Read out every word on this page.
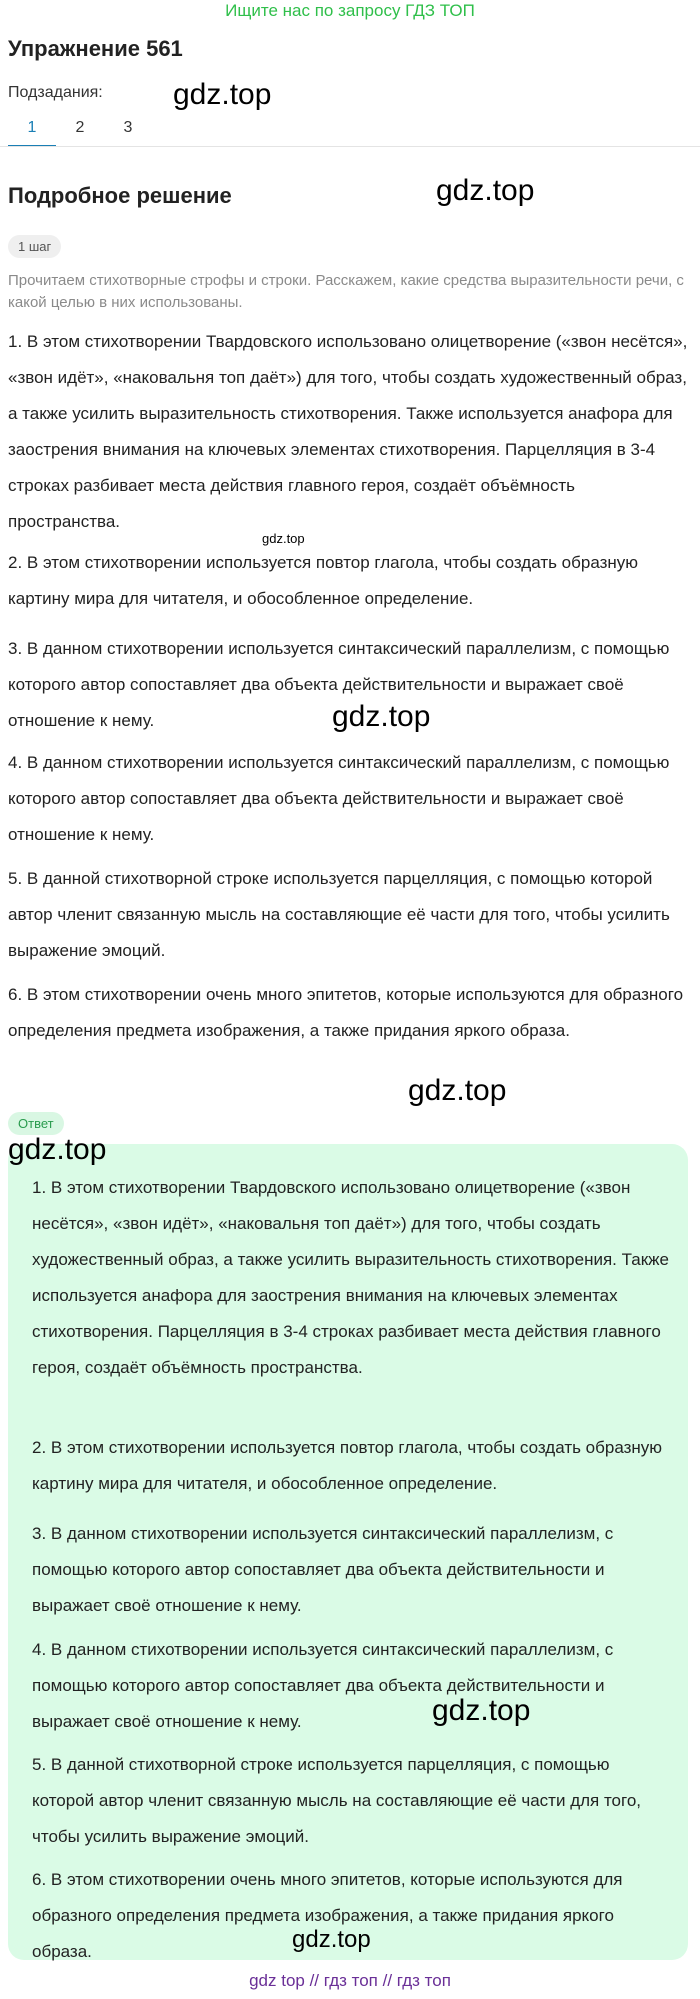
Ищите нас по запросу ГДЗ ТОП
Упражнение 561
Подзадания:
1	2	3
Подробное решение
1 шаг
Прочитаем стихотворные строфы и строки. Расскажем, какие средства выразительности речи, с какой целью в них использованы.

1. В этом стихотворении Твардовского использовано олицетворение («звон несётся», «звон идёт», «наковальня топ даёт») для того, чтобы создать художественный образ, а также усилить выразительность стихотворения. Также используется анафора для заострения внимания на ключевых элементах стихотворения. Парцелляция в 3-4 строках разбивает места действия главного героя, создаёт объёмность пространства.

2. В этом стихотворении используется повтор глагола, чтобы создать образную картину мира для читателя, и обособленное определение.

3. В данном стихотворении используется синтаксический параллелизм, с помощью которого автор сопоставляет два объекта действительности и выражает своё отношение к нему.

4. В данном стихотворении используется синтаксический параллелизм, с помощью которого автор сопоставляет два объекта действительности и выражает своё отношение к нему.

5. В данной стихотворной строке используется парцелляция, с помощью которой автор членит связанную мысль на составляющие её части для того, чтобы усилить выражение эмоций.

6. В этом стихотворении очень много эпитетов, которые используются для образного определения предмета изображения, а также придания яркого образа.

Ответ

1. В этом стихотворении Твардовского использовано олицетворение («звон несётся», «звон идёт», «наковальня топ даёт») для того, чтобы создать художественный образ, а также усилить выразительность стихотворения. Также используется анафора для заострения внимания на ключевых элементах стихотворения. Парцелляция в 3-4 строках разбивает места действия главного героя, создаёт объёмность пространства.

2. В этом стихотворении используется повтор глагола, чтобы создать образную картину мира для читателя, и обособленное определение.

3. В данном стихотворении используется синтаксический параллелизм, с помощью которого автор сопоставляет два объекта действительности и выражает своё отношение к нему.

4. В данном стихотворении используется синтаксический параллелизм, с помощью которого автор сопоставляет два объекта действительности и выражает своё отношение к нему.

5. В данной стихотворной строке используется парцелляция, с помощью которой автор членит связанную мысль на составляющие её части для того, чтобы усилить выражение эмоций.

6. В этом стихотворении очень много эпитетов, которые используются для образного определения предмета изображения, а также придания яркого образа.

gdz.top
gdz.top
gdz.top
gdz.top
gdz.top
gdz.top
gdz.top
gdz.top
gdz top // гдз топ // гдз топ
